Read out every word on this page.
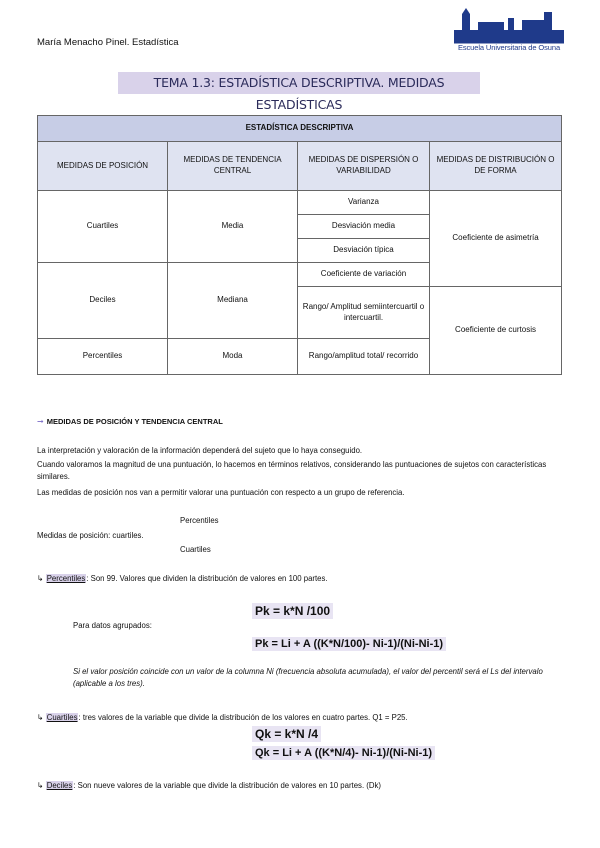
María Menacho Pinel. Estadística	Escuela Universitaria de Osuna
TEMA 1.3: ESTADÍSTICA DESCRIPTIVA. MEDIDAS ESTADÍSTICAS
ESTADÍSTICA DESCRIPTIVA			
MEDIDAS DE POSICIÓN	MEDIDAS DE TENDENCIA CENTRAL	MEDIDAS DE DISPERSIÓN O VARIABILIDAD	MEDIDAS DE DISTRIBUCIÓN O DE FORMA
Cuartiles	Media	Varianza	Coeficiente de asimetría
		Desviación media	
		Desviación típica	
Deciles	Mediana	Coeficiente de variación	
		Rango/ Amplitud semiintercuartil o intercuartil.	Coeficiente de curtosis
Percentiles	Moda	Rango/amplitud total/ recorrido	
➞ MEDIDAS DE POSICIÓN Y TENDENCIA CENTRAL
La interpretación y valoración de la información dependerá del sujeto que lo haya conseguido.
Cuando valoramos la magnitud de una puntuación, lo hacemos en términos relativos, considerando las puntuaciones de sujetos con características similares.
Las medidas de posición nos van a permitir valorar una puntuación con respecto a un grupo de referencia.
Percentiles
Medidas de posición: cuartiles.
Cuartiles
↳ Percentiles: Son 99. Valores que dividen la distribución de valores en 100 partes.
Pk = k*N /100
Para datos agrupados:
Pk = Li + A ((K*N/100)- Ni-1)/(Ni-Ni-1)
Si el valor posición coincide con un valor de la columna Ni (frecuencia absoluta acumulada), el valor del percentil será el Ls del intervalo (aplicable a los tres).
↳ Cuartiles: tres valores de la variable que divide la distribución de los valores en cuatro partes. Q1 = P25.
Qk = k*N /4
Qk = Li + A ((K*N/4)- Ni-1)/(Ni-Ni-1)
↳ Deciles: Son nueve valores de la variable que divide la distribución de valores en 10 partes. (Dk)
